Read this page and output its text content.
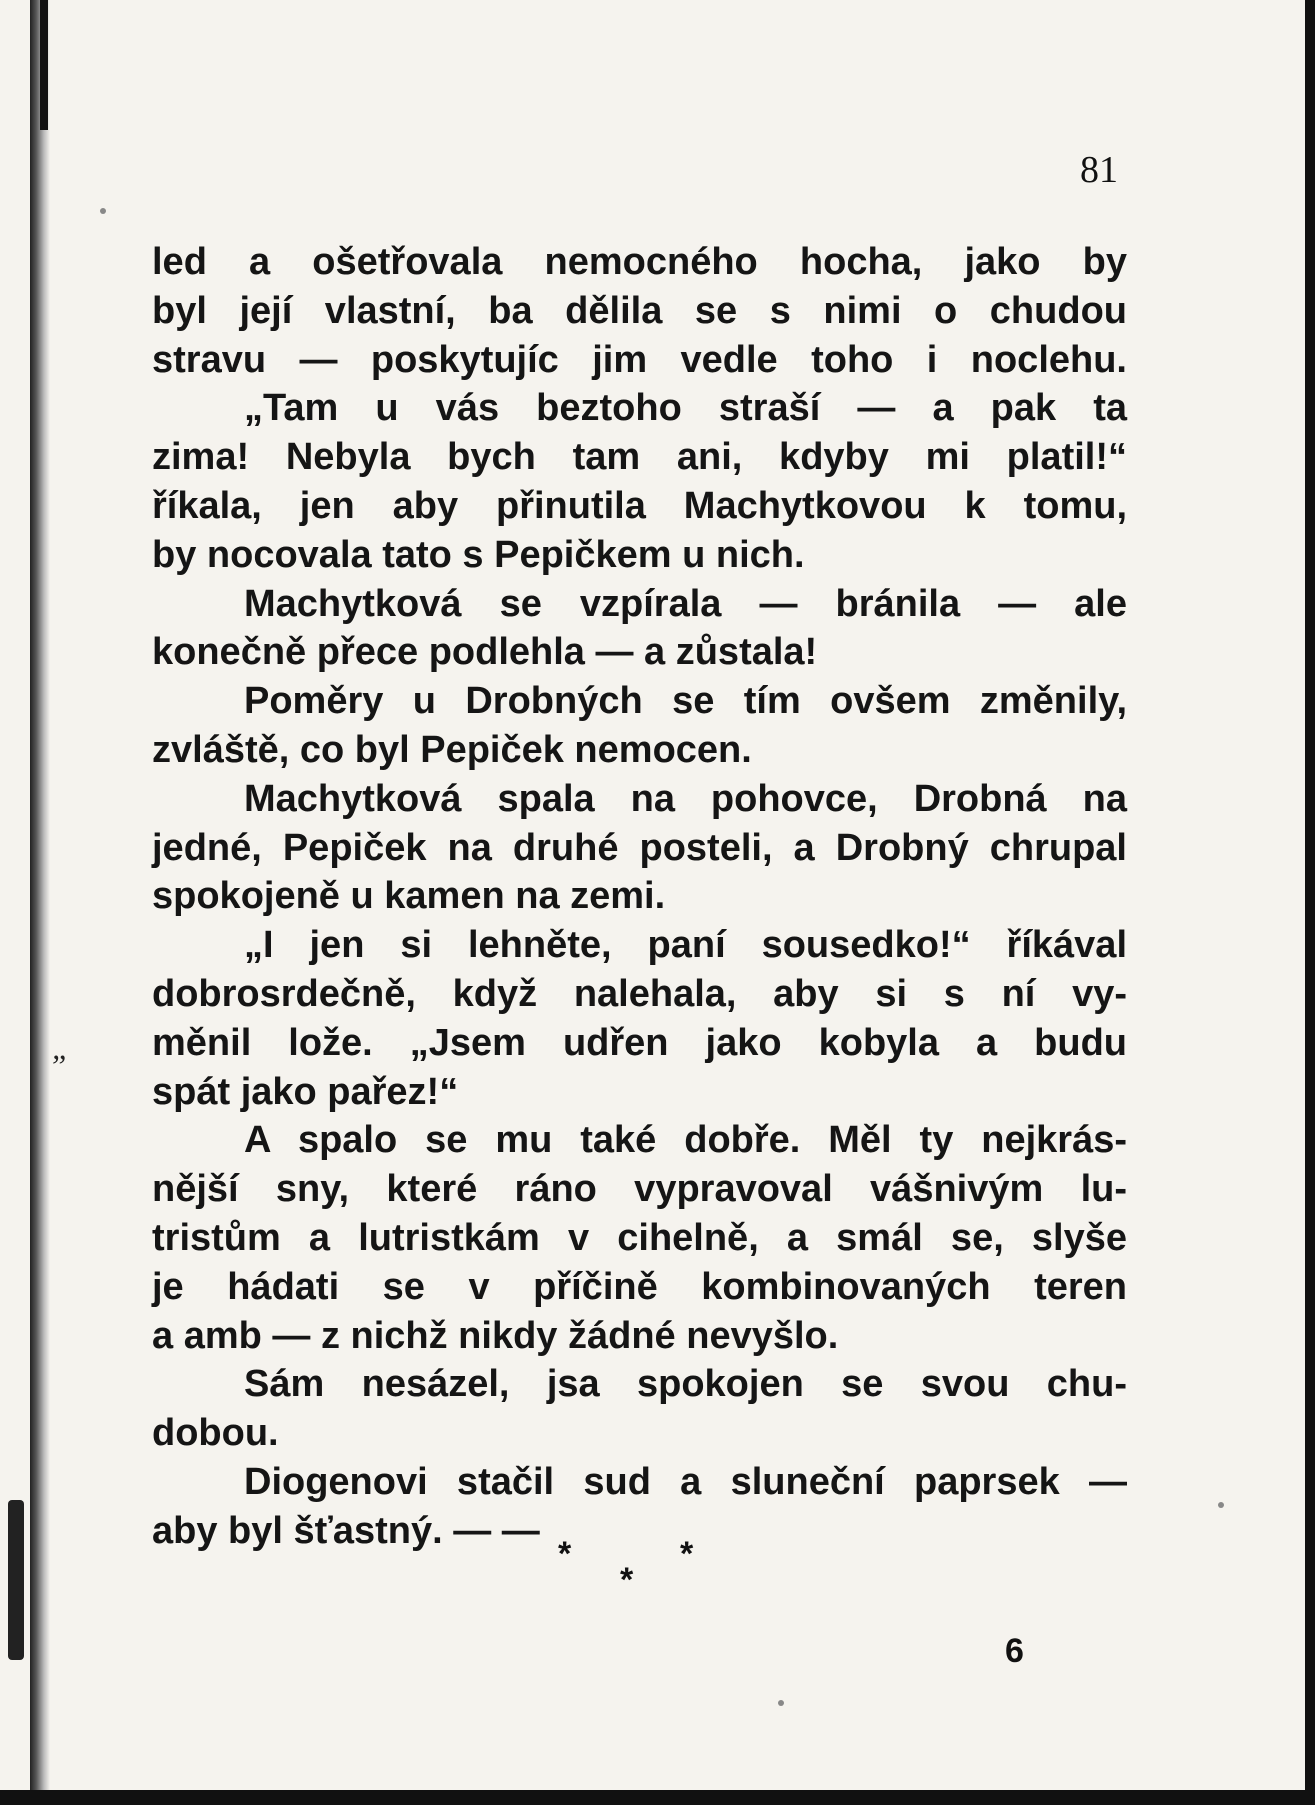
81
led a ošetřovala nemocného hocha, jako by
byl její vlastní, ba dělila se s nimi o chudou
stravu — poskytujíc jim vedle toho i noclehu.
„Tam u vás beztoho straší — a pak ta
zima! Nebyla bych tam ani, kdyby mi platil!“
říkala, jen aby přinutila Machytkovou k tomu,
by nocovala tato s Pepičkem u nich.
Machytková se vzpírala — bránila — ale
konečně přece podlehla — a zůstala!
Poměry u Drobných se tím ovšem změnily,
zvláště, co byl Pepiček nemocen.
Machytková spala na pohovce, Drobná na
jedné, Pepiček na druhé posteli, a Drobný chrupal
spokojeně u kamen na zemi.
„I jen si lehněte, paní sousedko!“ říkával
dobrosrdečně, když nalehala, aby si s ní vy-
měnil lože. „Jsem udřen jako kobyla a budu
spát jako pařez!“
A spalo se mu také dobře. Měl ty nejkrás-
nější sny, které ráno vypravoval vášnivým lu-
tristům a lutristkám v cihelně, a smál se, slyše
je hádati se v příčině kombinovaných teren
a amb — z nichž nikdy žádné nevyšlo.
Sám nesázel, jsa spokojen se svou chu-
dobou.
Diogenovi stačil sud a sluneční paprsek —
aby byl šťastný. — —
*
*
*
6
„
